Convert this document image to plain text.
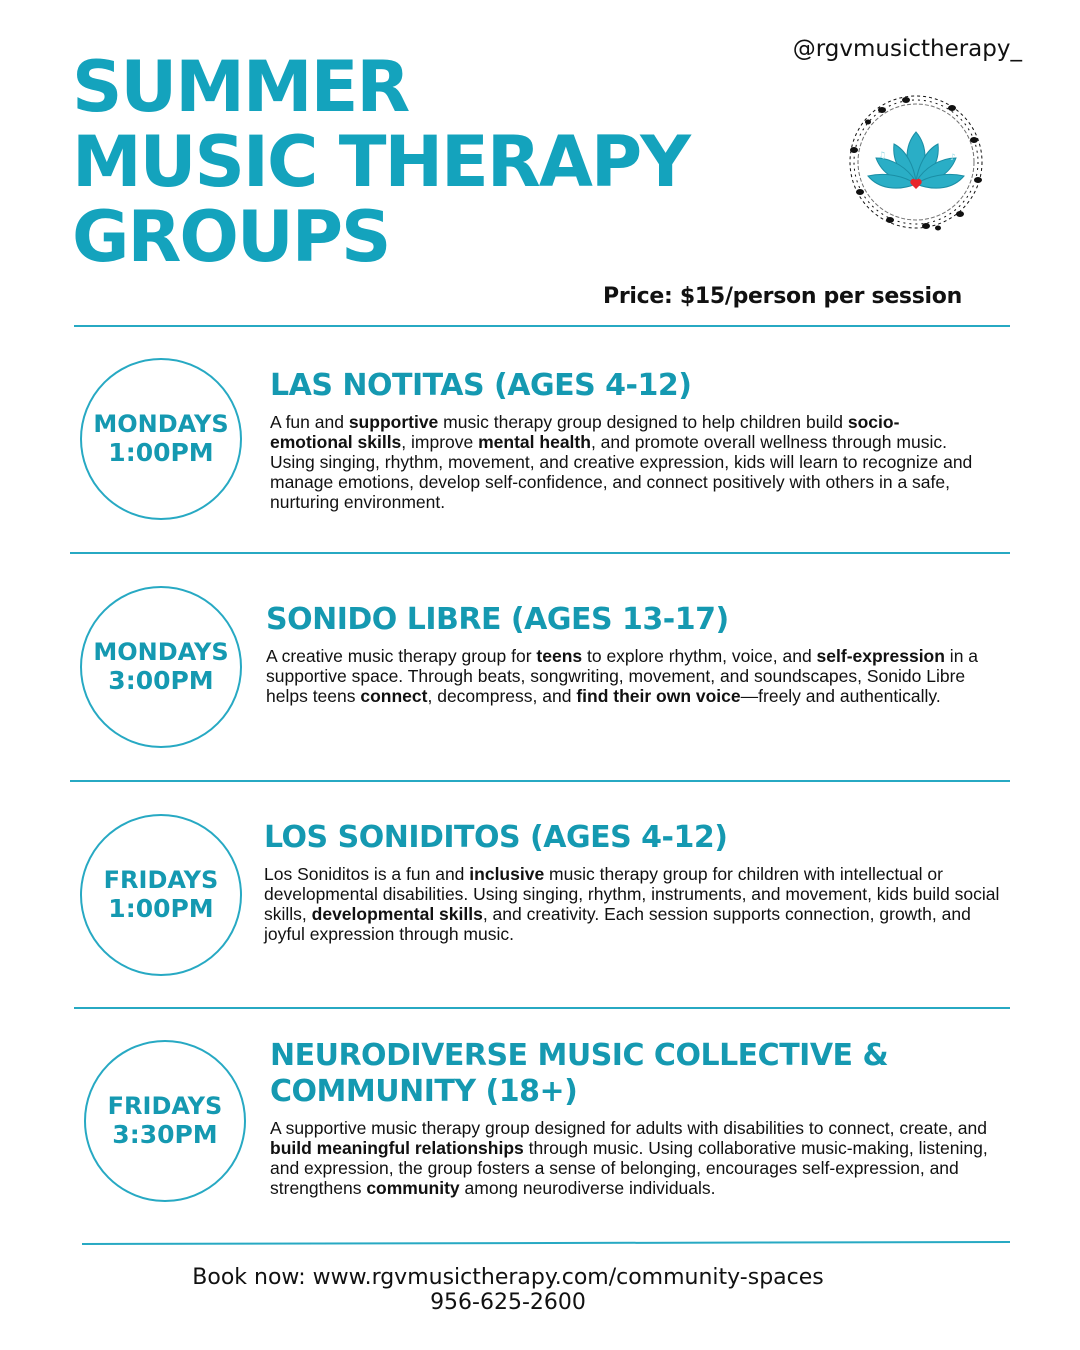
@rgvmusictherapy_
SUMMER
MUSIC THERAPY
GROUPS
♫	♪
Price: $15/person per session
MONDAYS
1:00PM
LAS NOTITAS (AGES 4-12)
A fun and supportive music therapy group designed to help children build socio-emotional skills, improve mental health, and promote overall wellness through music. Using singing, rhythm, movement, and creative expression, kids will learn to recognize and manage emotions, develop self-confidence, and connect positively with others in a safe, nurturing environment.
MONDAYS
3:00PM
SONIDO LIBRE (AGES 13-17)
A creative music therapy group for teens to explore rhythm, voice, and self-expression in a supportive space. Through beats, songwriting, movement, and soundscapes, Sonido Libre helps teens connect, decompress, and find their own voice—freely and authentically.
FRIDAYS
1:00PM
LOS SONIDITOS (AGES 4-12)
Los Soniditos is a fun and inclusive music therapy group for children with intellectual or developmental disabilities. Using singing, rhythm, instruments, and movement, kids build social skills, developmental skills, and creativity. Each session supports connection, growth, and joyful expression through music.
FRIDAYS
3:30PM
NEURODIVERSE MUSIC COLLECTIVE & COMMUNITY (18+)
A supportive music therapy group designed for adults with disabilities to connect, create, and build meaningful relationships through music. Using collaborative music-making, listening, and expression, the group fosters a sense of belonging, encourages self-expression, and strengthens community among neurodiverse individuals.
Book now: www.rgvmusictherapy.com/community-spaces
956-625-2600
